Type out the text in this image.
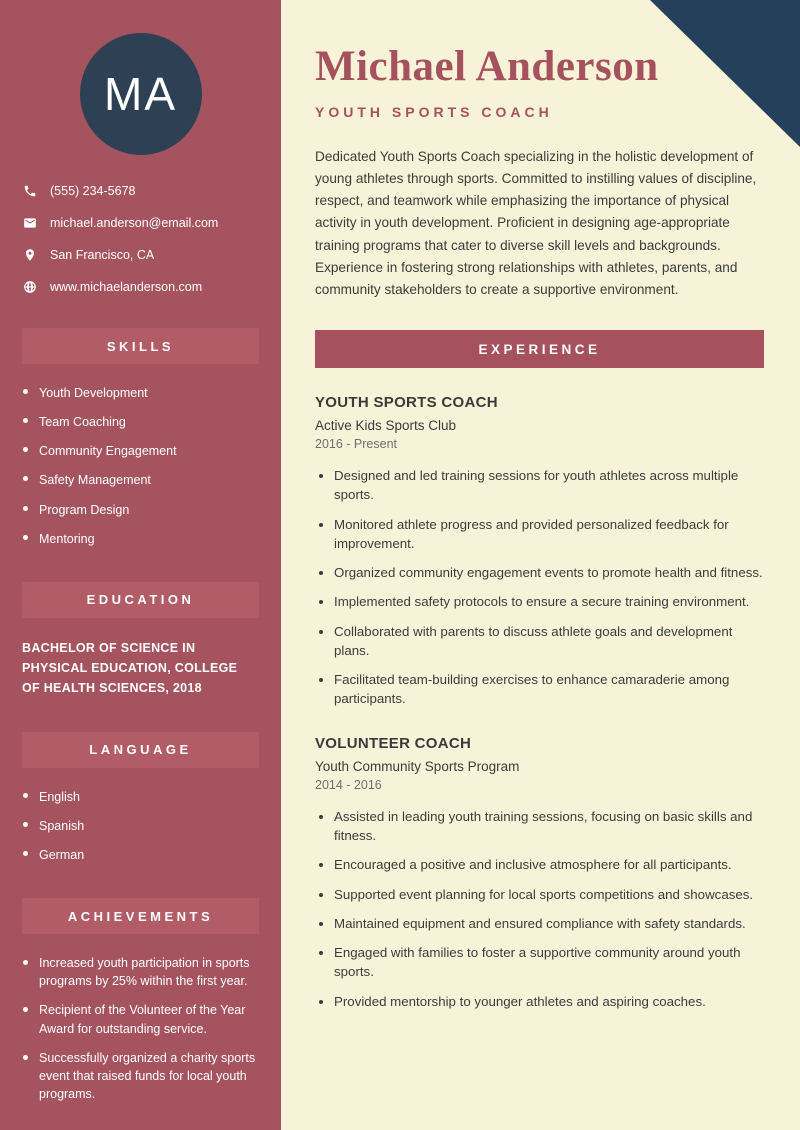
MA
(555) 234-5678
michael.anderson@email.com
San Francisco, CA
www.michaelanderson.com
SKILLS
Youth Development
Team Coaching
Community Engagement
Safety Management
Program Design
Mentoring
EDUCATION

BACHELOR OF SCIENCE IN PHYSICAL EDUCATION, COLLEGE OF HEALTH SCIENCES, 2018

LANGUAGE
English
Spanish
German
ACHIEVEMENTS
Increased youth participation in sports programs by 25% within the first year.
Recipient of the Volunteer of the Year Award for outstanding service.
Successfully organized a charity sports event that raised funds for local youth programs.
Michael Anderson
YOUTH SPORTS COACH

Dedicated Youth Sports Coach specializing in the holistic development of young athletes through sports. Committed to instilling values of discipline, respect, and teamwork while emphasizing the importance of physical activity in youth development. Proficient in designing age-appropriate training programs that cater to diverse skill levels and backgrounds. Experience in fostering strong relationships with athletes, parents, and community stakeholders to create a supportive environment.

EXPERIENCE
YOUTH SPORTS COACH
Active Kids Sports Club
2016 - Present
• Designed and led training sessions for youth athletes across multiple sports.
• Monitored athlete progress and provided personalized feedback for improvement.
• Organized community engagement events to promote health and fitness.
• Implemented safety protocols to ensure a secure training environment.
• Collaborated with parents to discuss athlete goals and development plans.
• Facilitated team-building exercises to enhance camaraderie among participants.
VOLUNTEER COACH
Youth Community Sports Program
2014 - 2016
• Assisted in leading youth training sessions, focusing on basic skills and fitness.
• Encouraged a positive and inclusive atmosphere for all participants.
• Supported event planning for local sports competitions and showcases.
• Maintained equipment and ensured compliance with safety standards.
• Engaged with families to foster a supportive community around youth sports.
• Provided mentorship to younger athletes and aspiring coaches.
